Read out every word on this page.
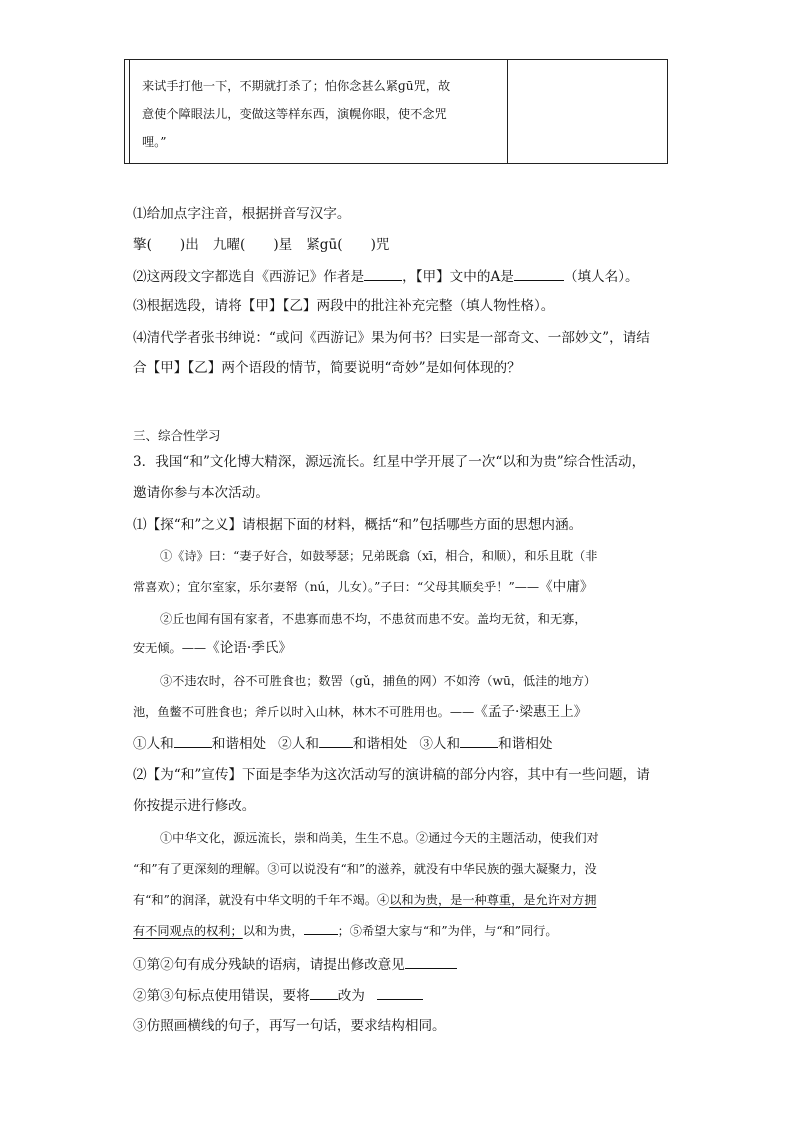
来试手打他一下，不期就打杀了；怕你念甚么紧ɡū咒，故
意使个障眼法儿，变做这等样东西，演幌你眼，使不念咒
哩。”
⑴给加点字注音，根据拼音写汉字。
擎( )出 九曜( )星 紧gū( )咒
⑵这两段文字都选自《西游记》作者是	，【甲】文中的A是	（填人名）。
⑶根据选段，请将【甲】【乙】两段中的批注补充完整（填人物性格）。
⑷清代学者张书绅说：“或问《西游记》果为何书？曰实是一部奇文、一部妙文”，请结
合【甲】【乙】两个语段的情节，简要说明“奇妙”是如何体现的？
三、综合性学习
3．我国“和”文化博大精深，源远流长。红星中学开展了一次“以和为贵”综合性活动，
邀请你参与本次活动。
⑴【探“和”之义】请根据下面的材料，概括“和”包括哪些方面的思想内涵。
①《诗》曰：“妻子好合，如鼓琴瑟；兄弟既翕（xī，相合，和顺），和乐且耽（非
常喜欢）；宜尔室家，乐尔妻帑（nú，儿女）。”子曰：“父母其顺矣乎！”——《中庸》
②丘也闻有国有家者，不患寡而患不均，不患贫而患不安。盖均无贫，和无寡，
安无倾。——《论语·季氏》
③不违农时，谷不可胜食也；数罟（gǔ，捕鱼的网）不如洿（wū，低洼的地方）
池，鱼鳖不可胜食也；斧斤以时入山林，林木不可胜用也。——《孟子·梁惠王上》
①人和	和谐相处 ②人和	和谐相处 ③人和	和谐相处
⑵【为“和”宣传】下面是李华为这次活动写的演讲稿的部分内容，其中有一些问题，请
你按提示进行修改。
①中华文化，源远流长，崇和尚美，生生不息。②通过今天的主题活动，使我们对
“和”有了更深刻的理解。③可以说没有“和”的滋养，就没有中华民族的强大凝聚力，没
有“和”的润泽，就没有中华文明的千年不竭。④以和为贵，是一种尊重，是允许对方拥
有不同观点的权利；以和为贵，	；⑤希望大家与“和”为伴，与“和”同行。
①第②句有成分残缺的语病，请提出修改意见
②第③句标点使用错误，要将 改为
③仿照画横线的句子，再写一句话，要求结构相同。
